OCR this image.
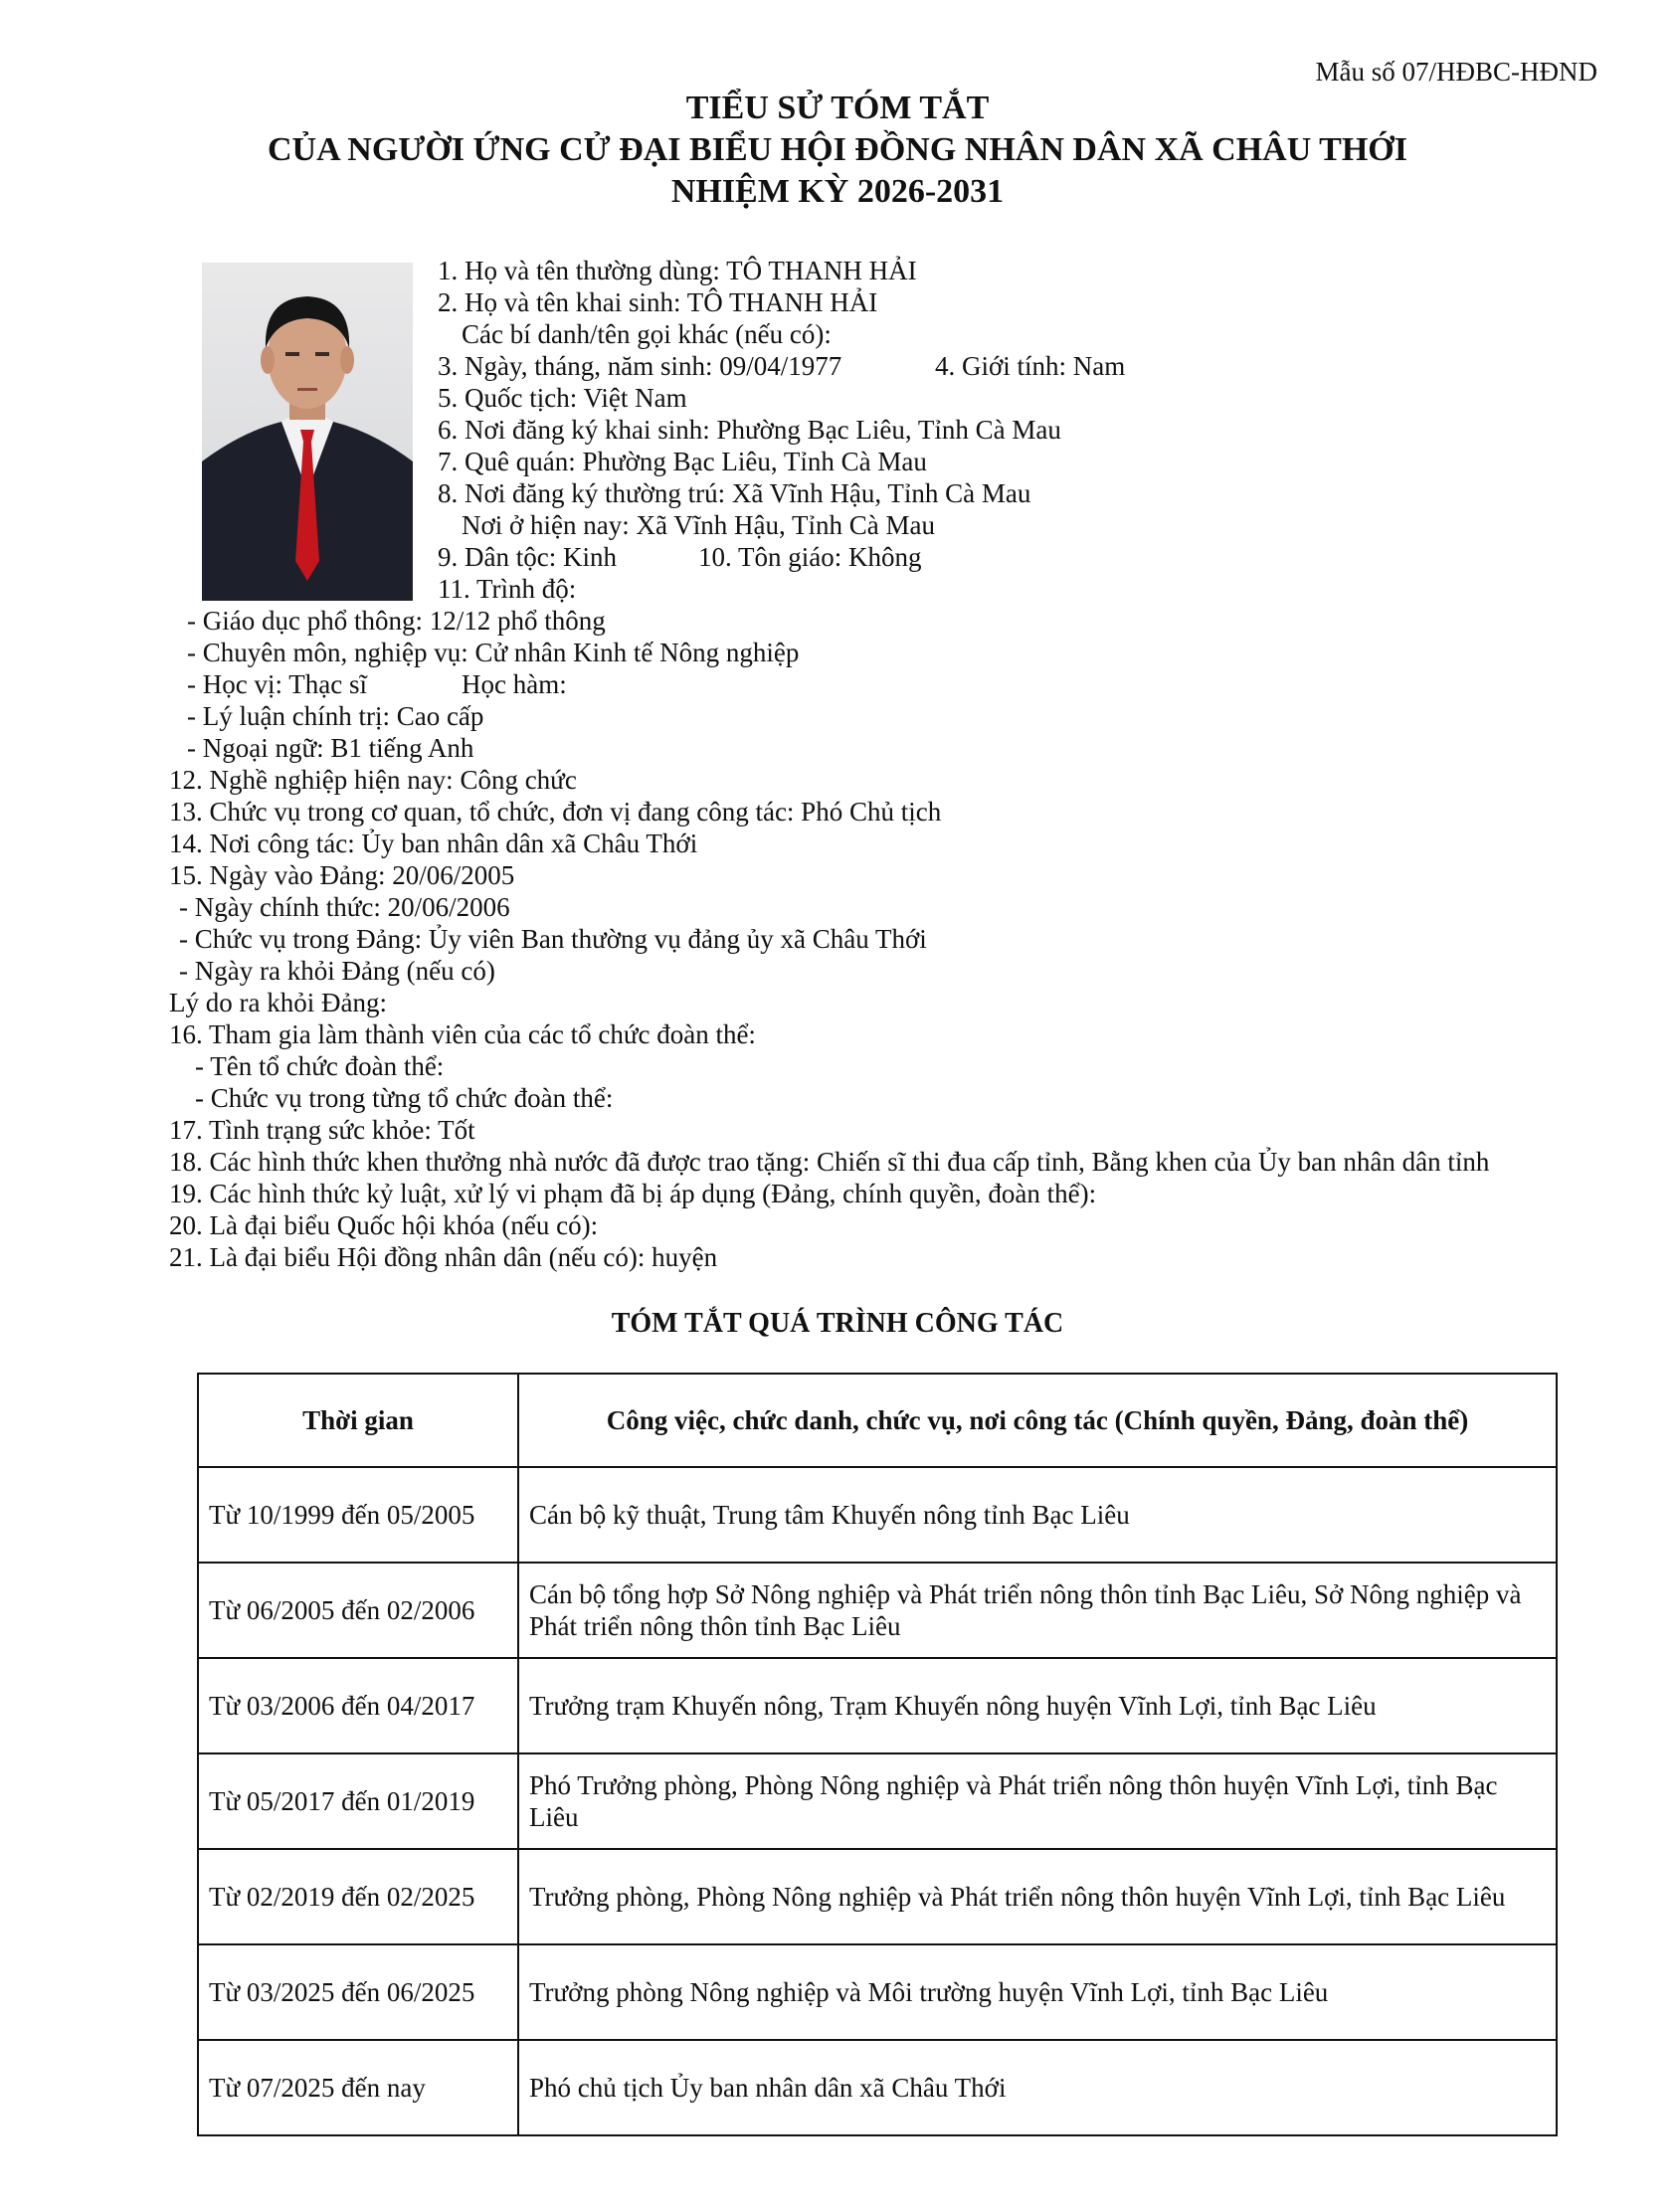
Mẫu số 07/HĐBC-HĐND
TIỂU SỬ TÓM TẮT
CỦA NGƯỜI ỨNG CỬ ĐẠI BIỂU HỘI ĐỒNG NHÂN DÂN XÃ CHÂU THỚI
NHIỆM KỲ 2026-2031
1. Họ và tên thường dùng: TÔ THANH HẢI
2. Họ và tên khai sinh: TÔ THANH HẢI
Các bí danh/tên gọi khác (nếu có):
3. Ngày, tháng, năm sinh: 09/04/1977	4. Giới tính: Nam
5. Quốc tịch: Việt Nam
6. Nơi đăng ký khai sinh: Phường Bạc Liêu, Tỉnh Cà Mau
7. Quê quán: Phường Bạc Liêu, Tỉnh Cà Mau
8. Nơi đăng ký thường trú: Xã Vĩnh Hậu, Tỉnh Cà Mau
Nơi ở hiện nay: Xã Vĩnh Hậu, Tỉnh Cà Mau
9. Dân tộc: Kinh	10. Tôn giáo: Không
11. Trình độ:
- Giáo dục phổ thông: 12/12 phổ thông
- Chuyên môn, nghiệp vụ: Cử nhân Kinh tế Nông nghiệp
- Học vị: Thạc sĩ	Học hàm:
- Lý luận chính trị: Cao cấp
- Ngoại ngữ: B1 tiếng Anh
12. Nghề nghiệp hiện nay: Công chức
13. Chức vụ trong cơ quan, tổ chức, đơn vị đang công tác: Phó Chủ tịch
14. Nơi công tác: Ủy ban nhân dân xã Châu Thới
15. Ngày vào Đảng: 20/06/2005
- Ngày chính thức: 20/06/2006
- Chức vụ trong Đảng: Ủy viên Ban thường vụ đảng ủy xã Châu Thới
- Ngày ra khỏi Đảng (nếu có)
Lý do ra khỏi Đảng:
16. Tham gia làm thành viên của các tổ chức đoàn thể:
- Tên tổ chức đoàn thể:
- Chức vụ trong từng tổ chức đoàn thể:
17. Tình trạng sức khỏe: Tốt
18. Các hình thức khen thưởng nhà nước đã được trao tặng: Chiến sĩ thi đua cấp tỉnh, Bằng khen của Ủy ban nhân dân tỉnh
19. Các hình thức kỷ luật, xử lý vi phạm đã bị áp dụng (Đảng, chính quyền, đoàn thể):
20. Là đại biểu Quốc hội khóa (nếu có):
21. Là đại biểu Hội đồng nhân dân (nếu có): huyện
TÓM TẮT QUÁ TRÌNH CÔNG TÁC
Thời gian	Công việc, chức danh, chức vụ, nơi công tác (Chính quyền, Đảng, đoàn thể)
Từ 10/1999 đến 05/2005	Cán bộ kỹ thuật, Trung tâm Khuyến nông tỉnh Bạc Liêu
Từ 06/2005 đến 02/2006	Cán bộ tổng hợp Sở Nông nghiệp và Phát triển nông thôn tỉnh Bạc Liêu, Sở Nông nghiệp và Phát triển nông thôn tỉnh Bạc Liêu
Từ 03/2006 đến 04/2017	Trưởng trạm Khuyến nông, Trạm Khuyến nông huyện Vĩnh Lợi, tỉnh Bạc Liêu
Từ 05/2017 đến 01/2019	Phó Trưởng phòng, Phòng Nông nghiệp và Phát triển nông thôn huyện Vĩnh Lợi, tỉnh Bạc Liêu
Từ 02/2019 đến 02/2025	Trưởng phòng, Phòng Nông nghiệp và Phát triển nông thôn huyện Vĩnh Lợi, tỉnh Bạc Liêu
Từ 03/2025 đến 06/2025	Trưởng phòng Nông nghiệp và Môi trường huyện Vĩnh Lợi, tỉnh Bạc Liêu
Từ 07/2025 đến nay	Phó chủ tịch Ủy ban nhân dân xã Châu Thới
